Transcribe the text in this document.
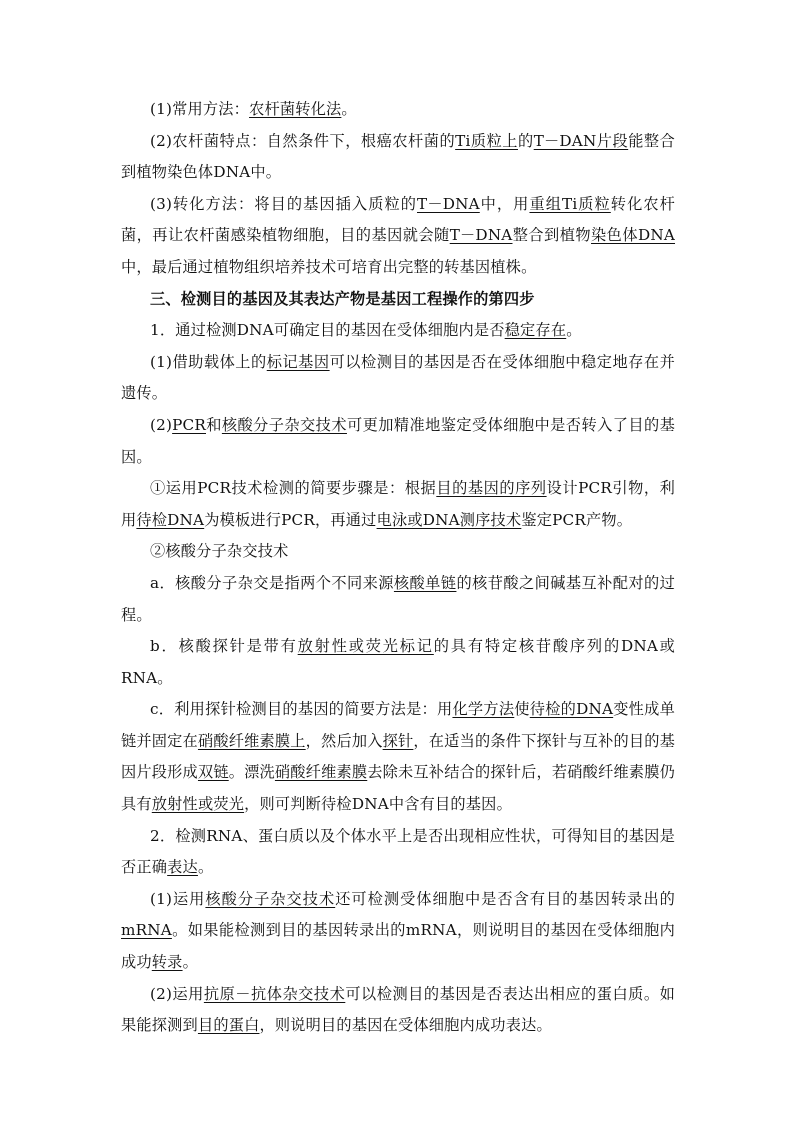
(1)常用方法：农杆菌转化法。

(2)农杆菌特点：自然条件下，根癌农杆菌的Ti质粒上的T－DAN片段能整合到植物染色体DNA中。

(3)转化方法：将目的基因插入质粒的T－DNA中，用重组Ti质粒转化农杆菌，再让农杆菌感染植物细胞，目的基因就会随T－DNA整合到植物染色体DNA中，最后通过植物组织培养技术可培育出完整的转基因植株。

三、检测目的基因及其表达产物是基因工程操作的第四步

1．通过检测DNA可确定目的基因在受体细胞内是否稳定存在。

(1)借助载体上的标记基因可以检测目的基因是否在受体细胞中稳定地存在并遗传。

(2)PCR和核酸分子杂交技术可更加精准地鉴定受体细胞中是否转入了目的基因。

①运用PCR技术检测的简要步骤是：根据目的基因的序列设计PCR引物，利用待检DNA为模板进行PCR，再通过电泳或DNA测序技术鉴定PCR产物。

②核酸分子杂交技术

a．核酸分子杂交是指两个不同来源核酸单链的核苷酸之间碱基互补配对的过程。

b．核酸探针是带有放射性或荧光标记的具有特定核苷酸序列的DNA或RNA。

c．利用探针检测目的基因的简要方法是：用化学方法使待检的DNA变性成单链并固定在硝酸纤维素膜上，然后加入探针，在适当的条件下探针与互补的目的基因片段形成双链。漂洗硝酸纤维素膜去除未互补结合的探针后，若硝酸纤维素膜仍具有放射性或荧光，则可判断待检DNA中含有目的基因。

2．检测RNA、蛋白质以及个体水平上是否出现相应性状，可得知目的基因是否正确表达。

(1)运用核酸分子杂交技术还可检测受体细胞中是否含有目的基因转录出的mRNA。如果能检测到目的基因转录出的mRNA，则说明目的基因在受体细胞内成功转录。

(2)运用抗原－抗体杂交技术可以检测目的基因是否表达出相应的蛋白质。如果能探测到目的蛋白，则说明目的基因在受体细胞内成功表达。
